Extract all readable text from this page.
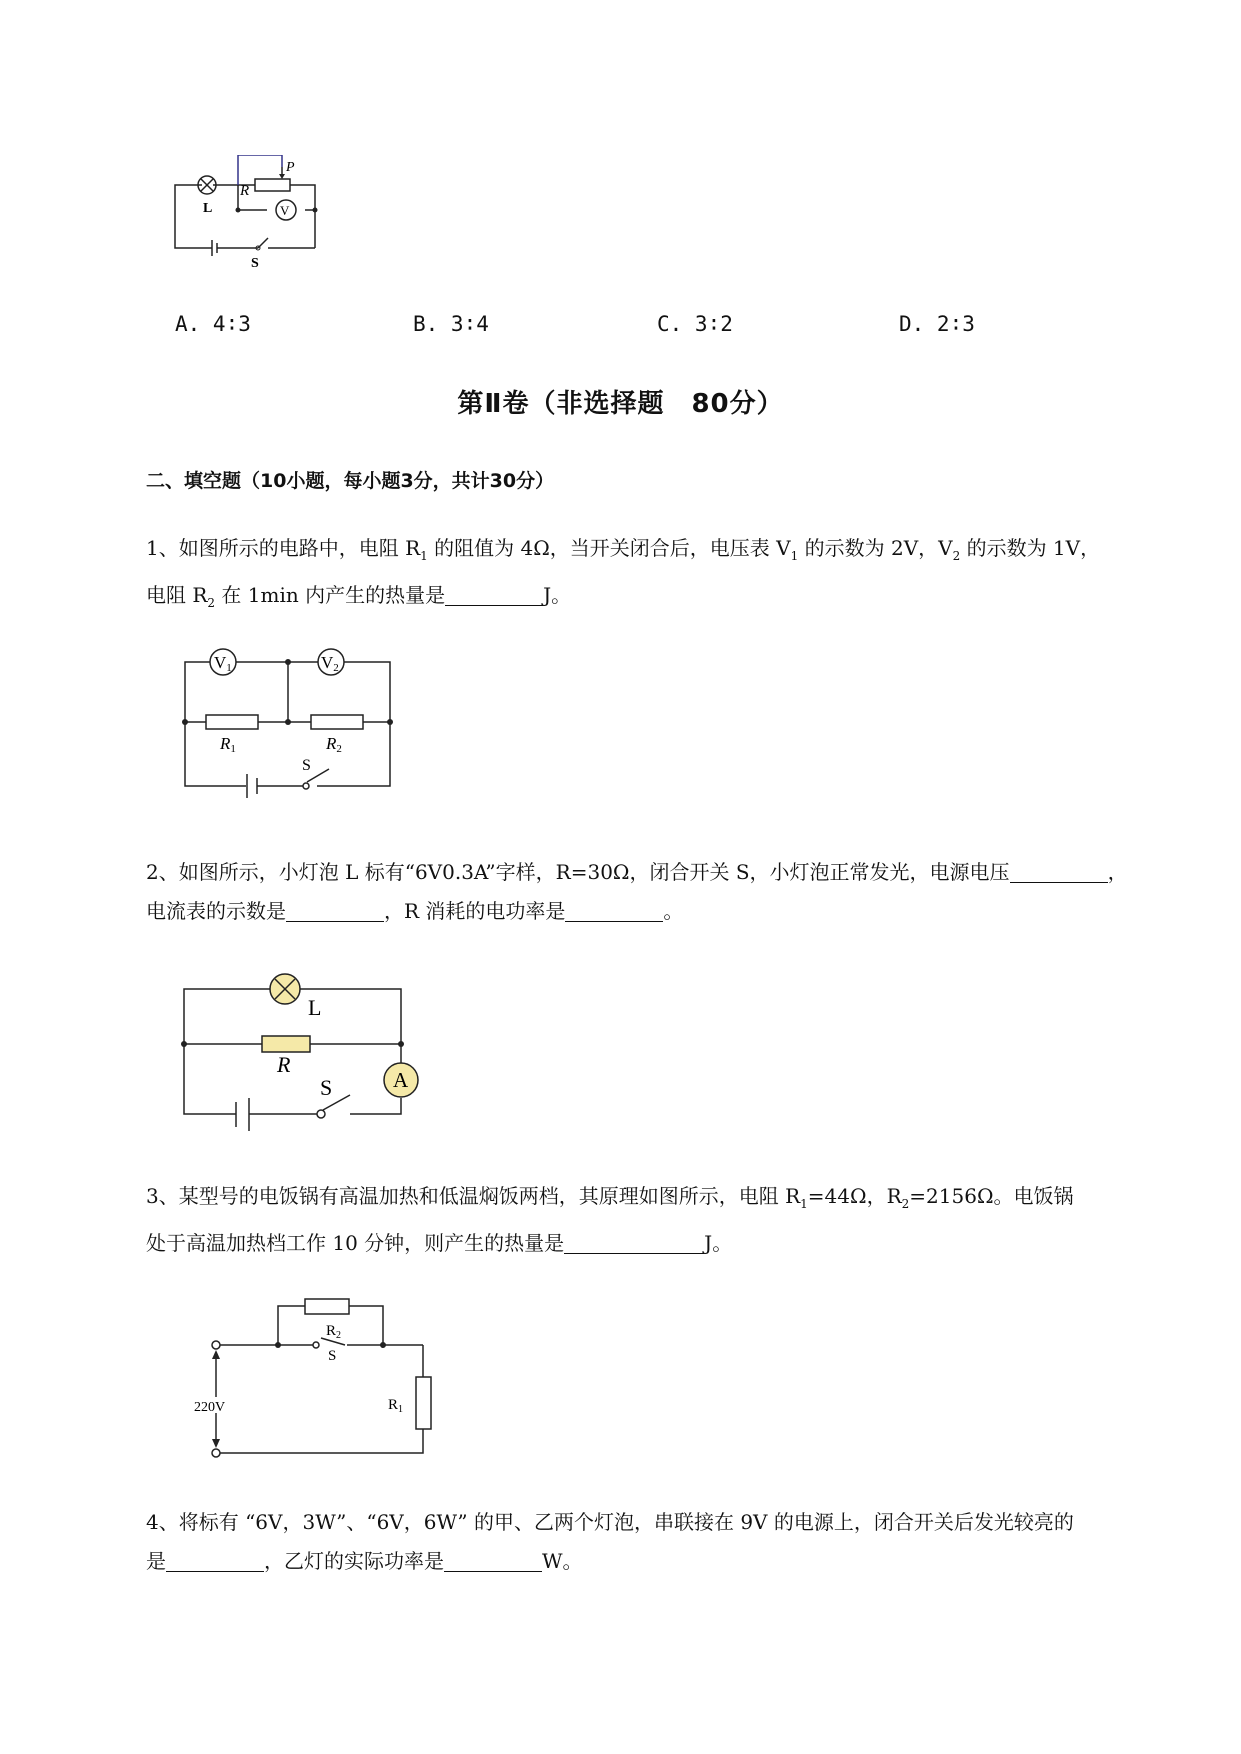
L
R
P
V
S
A. 4∶3	B. 3∶4	C. 3∶2	D. 2∶3
第Ⅱ卷（非选择题　80分）
二、填空题（10小题，每小题3分，共计30分）
1、如图所示的电路中，电阻 $R_1$ 的阻值为 4Ω，当开关闭合后，电压表 $V_1$ 的示数为 2V，$V_2$ 的示数为 1V，
电阻 $R_2$ 在 1min 内产生的热量是	J。
V1	V2
R1	R2
S
2、如图所示，小灯泡 L 标有“6V0.3A”字样，R=30Ω，闭合开关 S，小灯泡正常发光，电源电压	，
电流表的示数是	，R 消耗的电功率是	。
L
R
S	A
3、某型号的电饭锅有高温加热和低温焖饭两档，其原理如图所示，电阻 $R_1=44\Omega$，$R_2=2156\Omega$。电饭锅
处于高温加热档工作 10 分钟，则产生的热量是	J。
$R_2$
S
220V	$R_1$
4、将标有 “6V，3W”、“6V，6W” 的甲、乙两个灯泡，串联接在 9V 的电源上，闭合开关后发光较亮的
是	，乙灯的实际功率是	W。
